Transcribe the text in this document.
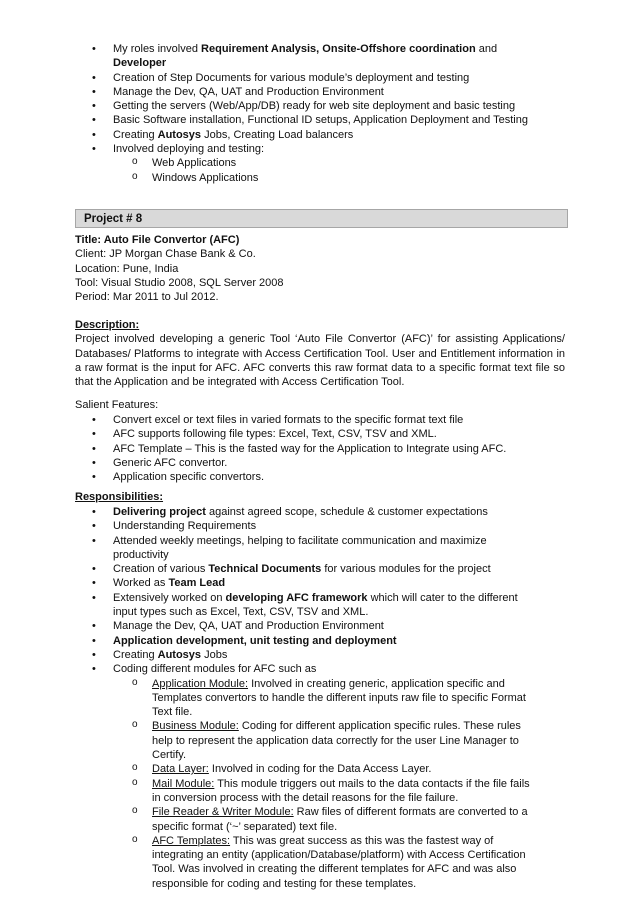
• My roles involved Requirement Analysis, Onsite-Offshore coordination and
Developer
• Creation of Step Documents for various module’s deployment and testing
• Manage the Dev, QA, UAT and Production Environment
• Getting the servers (Web/App/DB) ready for web site deployment and basic testing
• Basic Software installation, Functional ID setups, Application Deployment and Testing
• Creating Autosys Jobs, Creating Load balancers
• Involved deploying and testing:
o Web Applications
o Windows Applications
Project # 8

Title: Auto File Convertor (AFC)

Client: JP Morgan Chase Bank & Co.

Location: Pune, India

Tool: Visual Studio 2008, SQL Server 2008

Period: Mar 2011 to Jul 2012.

Description:

Project involved developing a generic Tool ‘Auto File Convertor (AFC)’ for assisting Applications/ Databases/ Platforms to integrate with Access Certification Tool. User and Entitlement information in a raw format is the input for AFC. AFC converts this raw format data to a specific format text file so that the Application and be integrated with Access Certification Tool.

Salient Features:
• Convert excel or text files in varied formats to the specific format text file
• AFC supports following file types: Excel, Text, CSV, TSV and XML.
• AFC Template – This is the fasted way for the Application to Integrate using AFC.
• Generic AFC convertor.
• Application specific convertors.
Responsibilities:
• Delivering project against agreed scope, schedule & customer expectations
• Understanding Requirements
• Attended weekly meetings, helping to facilitate communication and maximize productivity
• Creation of various Technical Documents for various modules for the project
• Worked as Team Lead
• Extensively worked on developing AFC framework which will cater to the different input types such as Excel, Text, CSV, TSV and XML.
• Manage the Dev, QA, UAT and Production Environment
• Application development, unit testing and deployment
• Creating Autosys Jobs
• Coding different modules for AFC such as
o Application Module: Involved in creating generic, application specific and Templates convertors to handle the different inputs raw file to specific Format Text file.
o Business Module: Coding for different application specific rules. These rules help to represent the application data correctly for the user Line Manager to Certify.
o Data Layer: Involved in coding for the Data Access Layer.
o Mail Module: This module triggers out mails to the data contacts if the file fails in conversion process with the detail reasons for the file failure.
o File Reader & Writer Module: Raw files of different formats are converted to a specific format (‘~’ separated) text file.
o AFC Templates: This was great success as this was the fastest way of integrating an entity (application/Database/platform) with Access Certification Tool. Was involved in creating the different templates for AFC and was also responsible for coding and testing for these templates.
